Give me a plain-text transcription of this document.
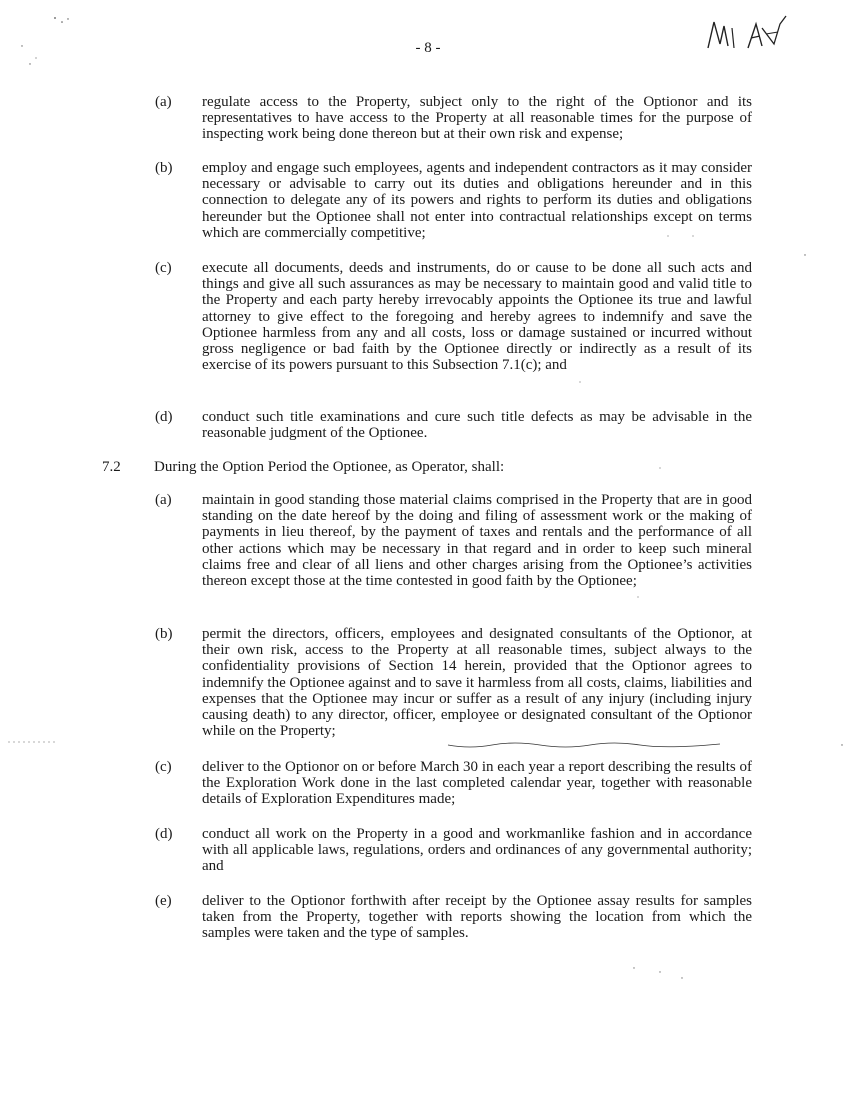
- 8 -
(a) regulate access to the Property, subject only to the right of the Optionor and its representatives to have access to the Property at all reasonable times for the purpose of inspecting work being done thereon but at their own risk and expense;
(b) employ and engage such employees, agents and independent contractors as it may consider necessary or advisable to carry out its duties and obligations hereunder and in this connection to delegate any of its powers and rights to perform its duties and obligations hereunder but the Optionee shall not enter into contractual relationships except on terms which are commercially competitive;
(c) execute all documents, deeds and instruments, do or cause to be done all such acts and things and give all such assurances as may be necessary to maintain good and valid title to the Property and each party hereby irrevocably appoints the Optionee its true and lawful attorney to give effect to the foregoing and hereby agrees to indemnify and save the Optionee harmless from any and all costs, loss or damage sustained or incurred without gross negligence or bad faith by the Optionee directly or indirectly as a result of its exercise of its powers pursuant to this Subsection 7.1(c); and
(d) conduct such title examinations and cure such title defects as may be advisable in the reasonable judgment of the Optionee.
7.2 During the Option Period the Optionee, as Operator, shall:
(a) maintain in good standing those material claims comprised in the Property that are in good standing on the date hereof by the doing and filing of assessment work or the making of payments in lieu thereof, by the payment of taxes and rentals and the performance of all other actions which may be necessary in that regard and in order to keep such mineral claims free and clear of all liens and other charges arising from the Optionee’s activities thereon except those at the time contested in good faith by the Optionee;
(b) permit the directors, officers, employees and designated consultants of the Optionor, at their own risk, access to the Property at all reasonable times, subject always to the confidentiality provisions of Section 14 herein, provided that the Optionor agrees to indemnify the Optionee against and to save it harmless from all costs, claims, liabilities and expenses that the Optionee may incur or suffer as a result of any injury (including injury causing death) to any director, officer, employee or designated consultant of the Optionor while on the Property;
(c) deliver to the Optionor on or before March 30 in each year a report describing the results of the Exploration Work done in the last completed calendar year, together with reasonable details of Exploration Expenditures made;
(d) conduct all work on the Property in a good and workmanlike fashion and in accordance with all applicable laws, regulations, orders and ordinances of any governmental authority; and
(e) deliver to the Optionor forthwith after receipt by the Optionee assay results for samples taken from the Property, together with reports showing the location from which the samples were taken and the type of samples.
